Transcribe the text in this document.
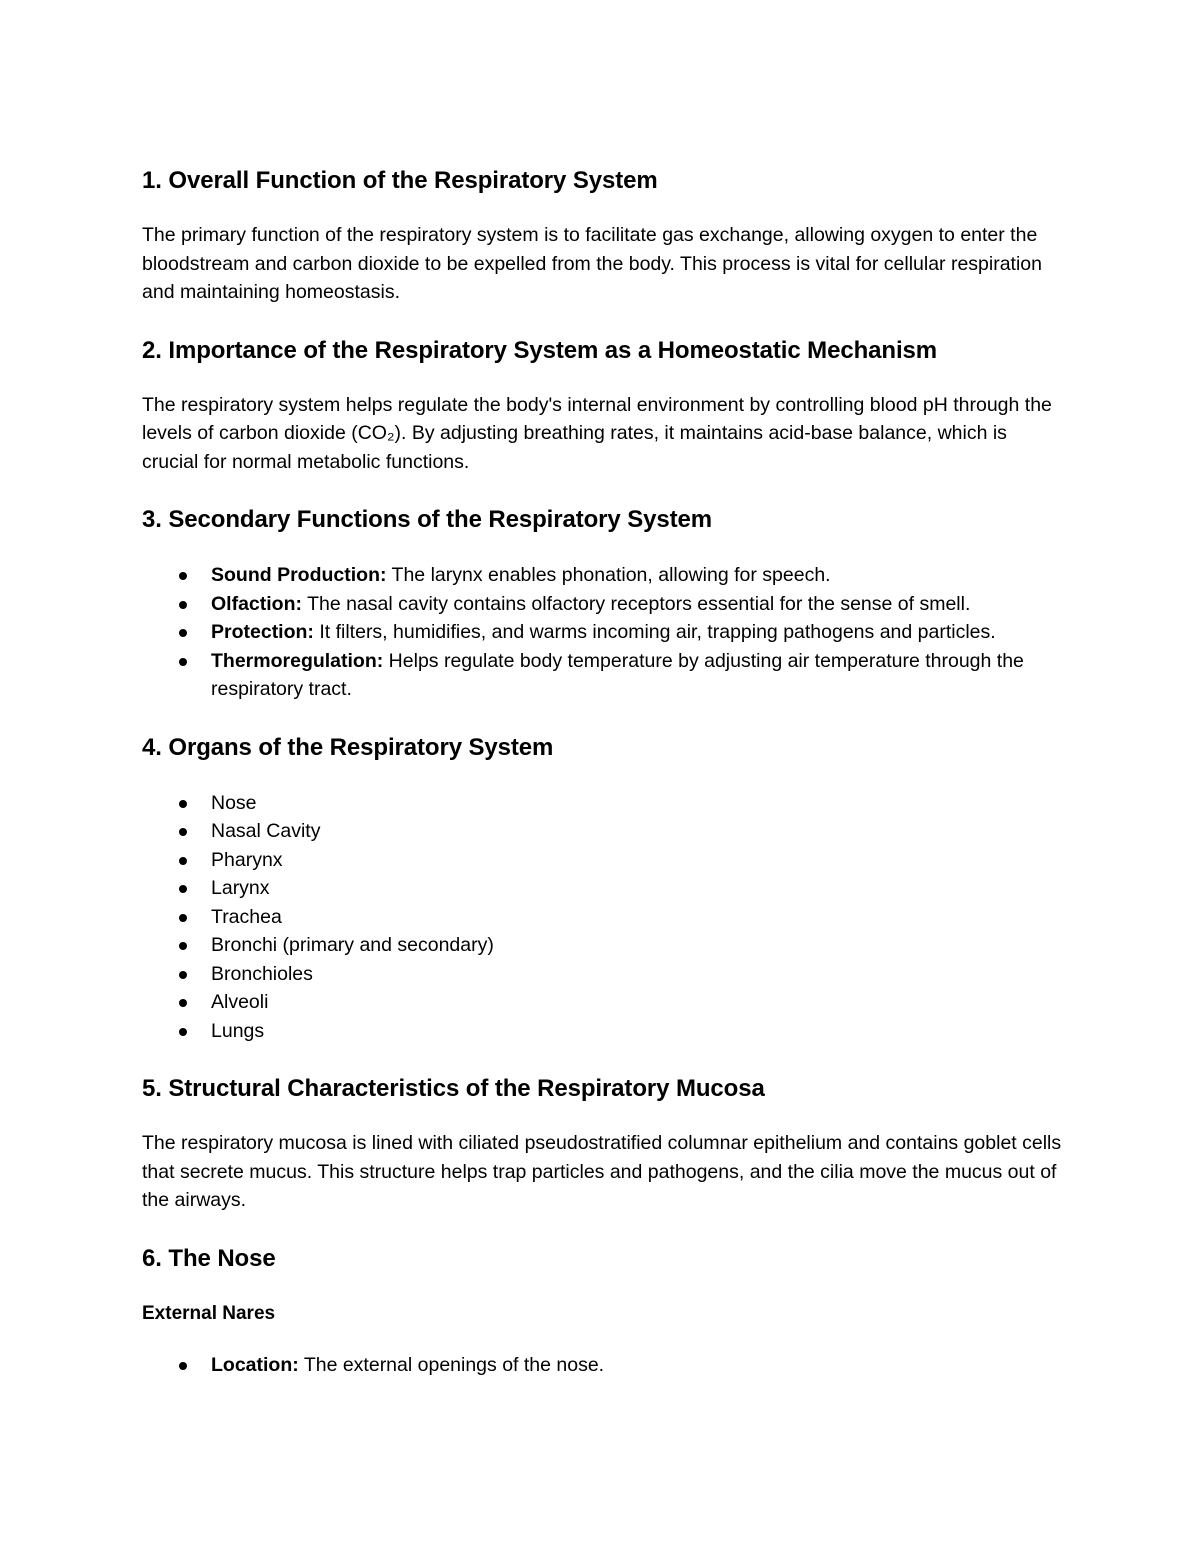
1. Overall Function of the Respiratory System

The primary function of the respiratory system is to facilitate gas exchange, allowing oxygen to enter the bloodstream and carbon dioxide to be expelled from the body. This process is vital for cellular respiration and maintaining homeostasis.

2. Importance of the Respiratory System as a Homeostatic Mechanism

The respiratory system helps regulate the body's internal environment by controlling blood pH through the levels of carbon dioxide (CO₂). By adjusting breathing rates, it maintains acid-base balance, which is crucial for normal metabolic functions.

3. Secondary Functions of the Respiratory System
Sound Production: The larynx enables phonation, allowing for speech.
Olfaction: The nasal cavity contains olfactory receptors essential for the sense of smell.
Protection: It filters, humidifies, and warms incoming air, trapping pathogens and particles.
Thermoregulation: Helps regulate body temperature by adjusting air temperature through the respiratory tract.
4. Organs of the Respiratory System
Nose
Nasal Cavity
Pharynx
Larynx
Trachea
Bronchi (primary and secondary)
Bronchioles
Alveoli
Lungs
5. Structural Characteristics of the Respiratory Mucosa

The respiratory mucosa is lined with ciliated pseudostratified columnar epithelium and contains goblet cells that secrete mucus. This structure helps trap particles and pathogens, and the cilia move the mucus out of the airways.

6. The Nose
External Nares
Location: The external openings of the nose.
